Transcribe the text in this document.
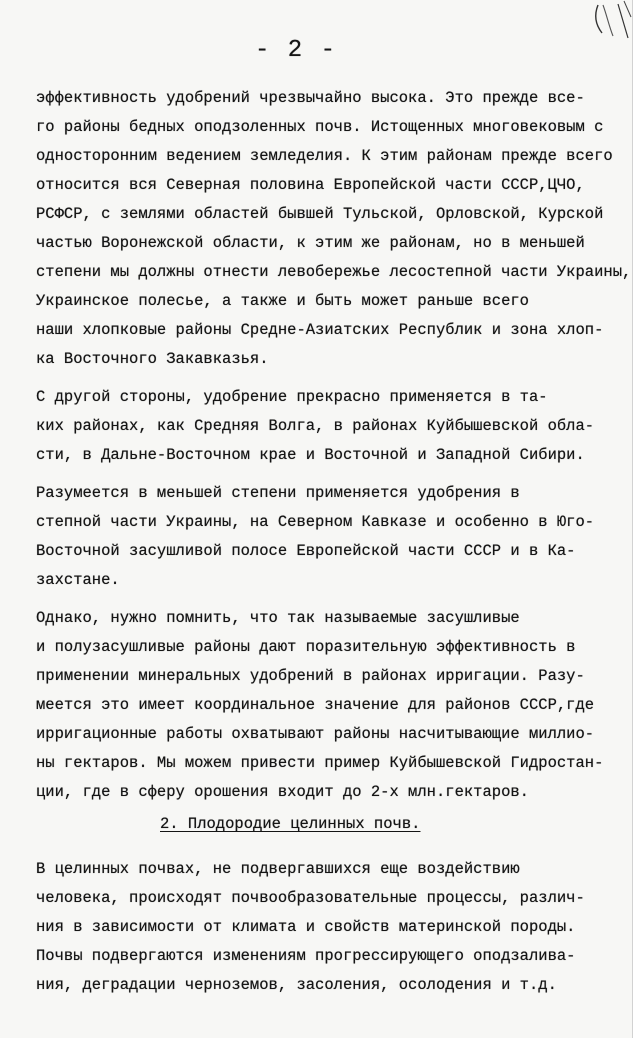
- 2 -
эффективность удобрений чрезвычайно высока. Это прежде все-
го районы бедных оподзоленных почв. Истощенных многовековым с
односторонним ведением земледелия. К этим районам прежде всего
относится вся Северная половина Европейской части СССР,ЦЧО,
РСФСР, с землями областей бывшей Тульской, Орловской, Курской
частью Воронежской области, к этим же районам, но в меньшей
степени мы должны отнести левобережье лесостепной части Украины,
Украинское полесье, а также и быть может раньше всего
наши хлопковые районы Средне-Азиатских Республик и зона хлоп-
ка Восточного Закавказья.
С другой стороны, удобрение прекрасно применяется в та-
ких районах, как Средняя Волга, в районах Куйбышевской обла-
сти, в Дальне-Восточном крае и Восточной и Западной Сибири.
Разумеется в меньшей степени применяется удобрения в
степной части Украины, на Северном Кавказе и особенно в Юго-
Восточной засушливой полосе Европейской части СССР и в Ка-
захстане.
Однако, нужно помнить, что так называемые засушливые
и полузасушливые районы дают поразительную эффективность в
применении минеральных удобрений в районах ирригации. Разу-
меется это имеет координальное значение для районов СССР,где
ирригационные работы охватывают районы насчитывающие миллио-
ны гектаров. Мы можем привести пример Куйбышевской Гидростан-
ции, где в сферу орошения входит до 2-х млн.гектаров.
2. Плодородие целинных почв.
В целинных почвах, не подвергавшихся еще воздействию
человека, происходят почвообразовательные процессы, различ-
ния в зависимости от климата и свойств материнской породы.
Почвы подвергаются изменениям прогрессирующего оподзалива-
ния, деградации черноземов, засоления, осолодения и т.д.
